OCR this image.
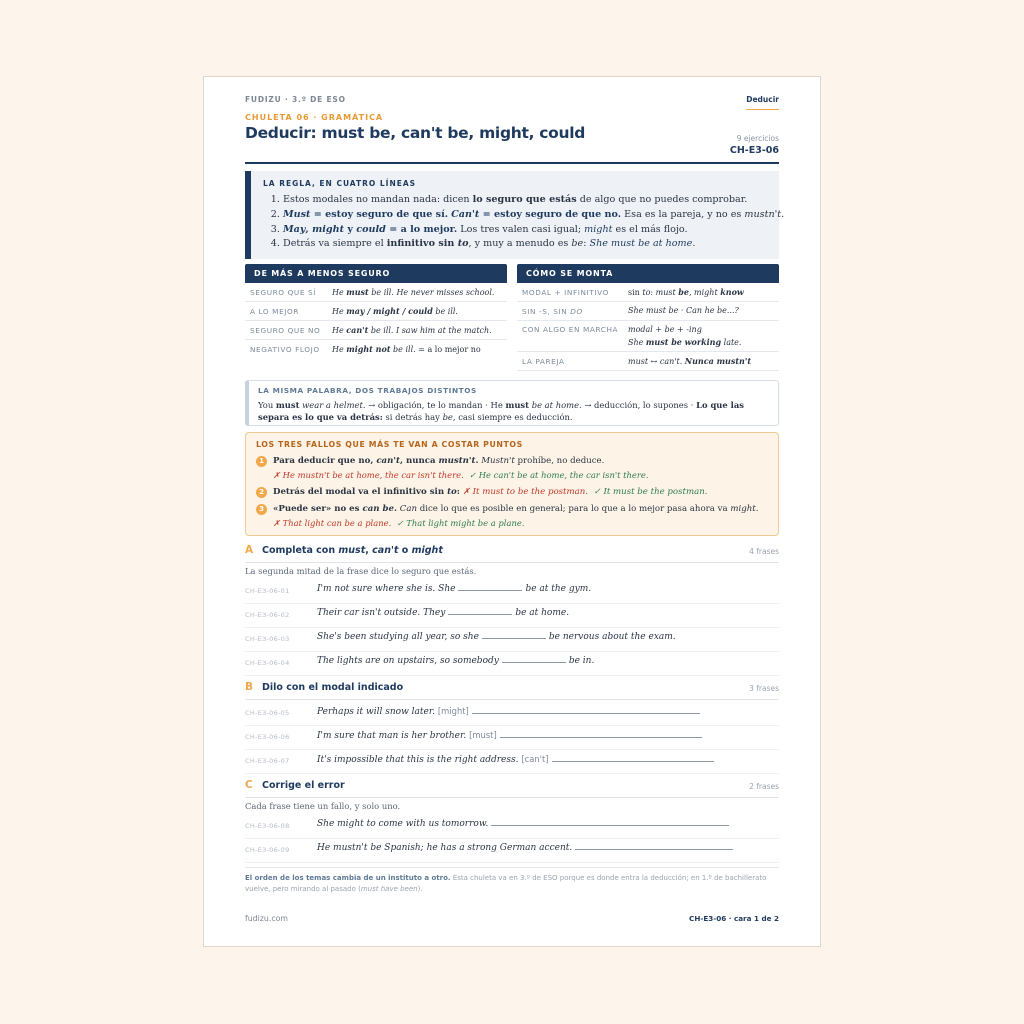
FUDIZU · 3.º DE ESO	Deducir
CHULETA 06 · GRAMÁTICA
Deducir: must be, can't be, might, could	9 ejercicios
CH-E3-06
LA REGLA, EN CUATRO LÍNEAS
1. Estos modales no mandan nada: dicen lo seguro que estás de algo que no puedes comprobar.
2. Must = estoy seguro de que sí. Can't = estoy seguro de que no. Esa es la pareja, y no es mustn't.
3. May, might y could = a lo mejor. Los tres valen casi igual; might es el más flojo.
4. Detrás va siempre el infinitivo sin to, y muy a menudo es be: She must be at home.
DE MÁS A MENOS SEGURO
SEGURO QUE SÍ	He must be ill. He never misses school.
A LO MEJOR	He may / might / could be ill.
SEGURO QUE NO	He can't be ill. I saw him at the match.
NEGATIVO FLOJO	He might not be ill. = a lo mejor no
CÓMO SE MONTA
MODAL + INFINITIVO	sin to: must be, might know
SIN -S, SIN DO	She must be · Can he be...?
CON ALGO EN MARCHA	modal + be + -ing
She must be working late.
LA PAREJA	must ↔ can't. Nunca mustn't
LA MISMA PALABRA, DOS TRABAJOS DISTINTOS

You must wear a helmet. → obligación, te lo mandan · He must be at home. → deducción, lo supones · Lo que las separa es lo que va detrás: si detrás hay be, casi siempre es deducción.

LOS TRES FALLOS QUE MÁS TE VAN A COSTAR PUNTOS
1	Para deducir que no, can't, nunca mustn't. Mustn't prohíbe, no deduce.
✗ He mustn't be at home, the car isn't there. ✓ He can't be at home, the car isn't there.
2	Detrás del modal va el infinitivo sin to: ✗ It must to be the postman. ✓ It must be the postman.
3	«Puede ser» no es can be. Can dice lo que es posible en general; para lo que a lo mejor pasa ahora va might.
✗ That light can be a plane. ✓ That light might be a plane.
A Completa con must, can't o might	4 frases
La segunda mitad de la frase dice lo seguro que estás.
CH-E3-06-01	I'm not sure where she is. She	be at the gym.
CH-E3-06-02	Their car isn't outside. They	be at home.
CH-E3-06-03	She's been studying all year, so she	be nervous about the exam.
CH-E3-06-04	The lights are on upstairs, so somebody	be in.
B Dilo con el modal indicado	3 frases
CH-E3-06-05	Perhaps it will snow later. [might]
CH-E3-06-06	I'm sure that man is her brother. [must]
CH-E3-06-07	It's impossible that this is the right address. [can't]
C Corrige el error	2 frases
Cada frase tiene un fallo, y solo uno.
CH-E3-06-08	She might to come with us tomorrow.
CH-E3-06-09	He mustn't be Spanish; he has a strong German accent.
El orden de los temas cambia de un instituto a otro. Esta chuleta va en 3.º de ESO porque es donde entra la deducción; en 1.º de bachillerato vuelve, pero mirando al pasado (must have been).
fudizu.com	CH-E3-06 · cara 1 de 2
